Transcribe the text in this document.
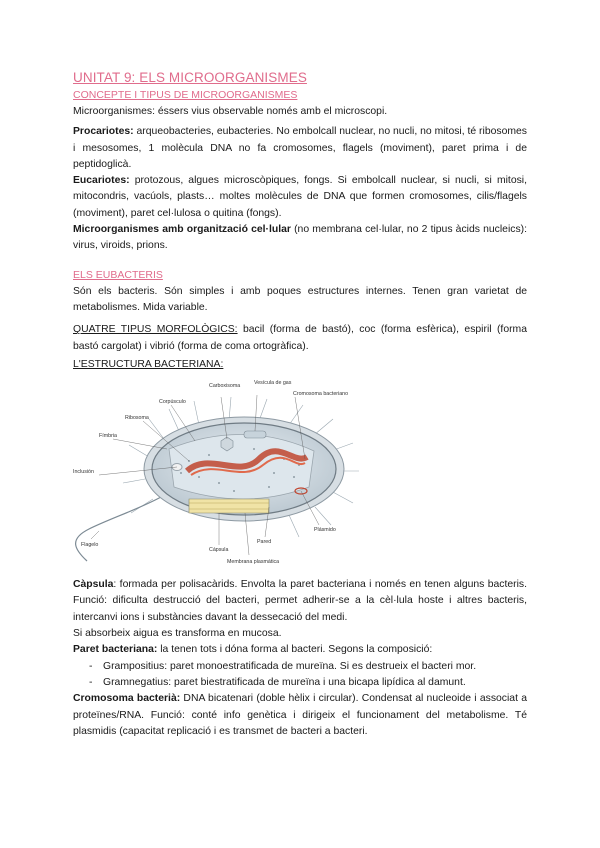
UNITAT 9: ELS MICROORGANISMES
CONCEPTE I TIPUS DE MICROORGANISMES

Microorganismes: éssers vius observable només amb el microscopi.

Procariotes: arqueobacteries, eubacteries. No embolcall nuclear, no nucli, no mitosi, té ribosomes i mesosomes, 1 molècula DNA no fa cromosomes, flagels (moviment), paret prima i de peptidoglicà.

Eucariotes: protozous, algues microscòpiques, fongs. Si embolcall nuclear, si nucli, si mitosi, mitocondris, vacúols, plasts… moltes molècules de DNA que formen cromosomes, cilis/flagels (moviment), paret cel·lulosa o quitina (fongs).

Microorganismes amb organització cel·lular (no membrana cel·lular, no 2 tipus àcids nucleics): virus, viroids, prions.

ELS EUBACTERIS

Són els bacteris. Són simples i amb poques estructures internes. Tenen gran varietat de metabolismes. Mida variable.

QUATRE TIPUS MORFOLÒGICS: bacil (forma de bastó), coc (forma esfèrica), espiril (forma bastó cargolat) i vibrió (forma de coma ortogràfica).

L'ESTRUCTURA BACTERIANA:

Carboxisoma	Vesícula de gas
Cromosoma bacteriano
Corpúsculo
Ribosoma
Fímbria
Inclusión
Flagelo
Plásmido
Pared
Cápsula
Membrana plasmática

Càpsula: formada per polisacàrids. Envolta la paret bacteriana i només en tenen alguns bacteris. Funció: dificulta destrucció del bacteri, permet adherir-se a la cèl·lula hoste i altres bacteris, intercanvi ions i substàncies davant la dessecació del medi.

Si absorbeix aigua es transforma en mucosa.

Paret bacteriana: la tenen tots i dóna forma al bacteri. Segons la composició:

- Grampositius: paret monoestratificada de mureïna. Si es destrueix el bacteri mor.
- Gramnegatius: paret biestratificada de mureïna i una bicapa lipídica al damunt.

Cromosoma bacterià: DNA bicatenari (doble hèlix i circular). Condensat al nucleoide i associat a proteïnes/RNA. Funció: conté info genètica i dirigeix el funcionament del metabolisme. Té plasmidis (capacitat replicació i es transmet de bacteri a bacteri.
